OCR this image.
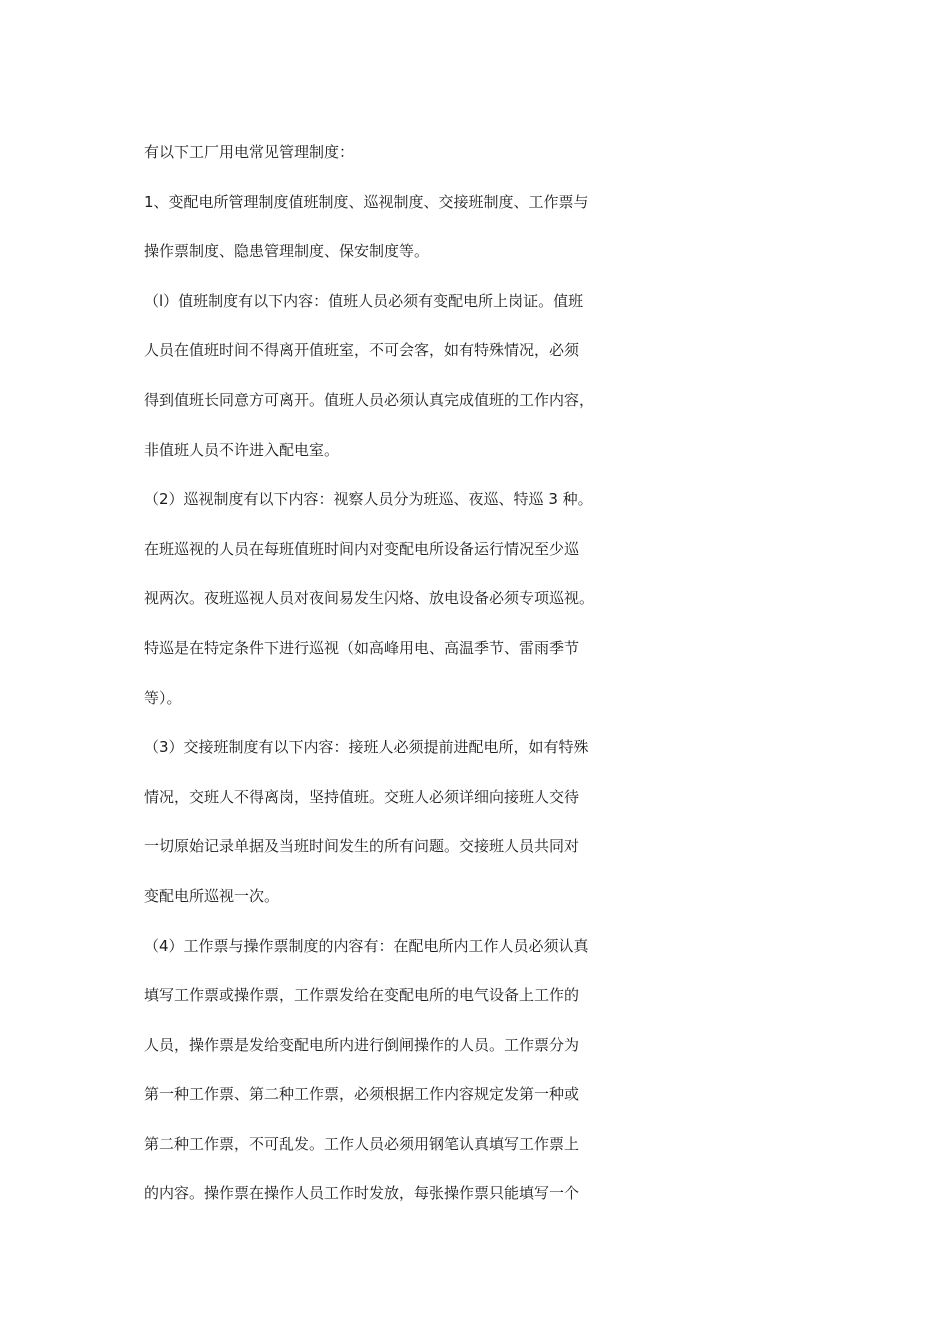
有以下工厂用电常见管理制度：
1、变配电所管理制度值班制度、巡视制度、交接班制度、工作票与
操作票制度、隐患管理制度、保安制度等。
（l）值班制度有以下内容：值班人员必须有变配电所上岗证。值班
人员在值班时间不得离开值班室，不可会客，如有特殊情况，必须
得到值班长同意方可离开。值班人员必须认真完成值班的工作内容，
非值班人员不许进入配电室。
（2）巡视制度有以下内容：视察人员分为班巡、夜巡、特巡 3 种。
在班巡视的人员在每班值班时间内对变配电所设备运行情况至少巡
视两次。夜班巡视人员对夜间易发生闪烙、放电设备必须专项巡视。
特巡是在特定条件下进行巡视（如高峰用电、高温季节、雷雨季节
等）。
（3）交接班制度有以下内容：接班人必须提前进配电所，如有特殊
情况，交班人不得离岗，坚持值班。交班人必须详细向接班人交待
一切原始记录单据及当班时间发生的所有问题。交接班人员共同对
变配电所巡视一次。
（4）工作票与操作票制度的内容有：在配电所内工作人员必须认真
填写工作票或操作票，工作票发给在变配电所的电气设备上工作的
人员，操作票是发给变配电所内进行倒闸操作的人员。工作票分为
第一种工作票、第二种工作票，必须根据工作内容规定发第一种或
第二种工作票，不可乱发。工作人员必须用钢笔认真填写工作票上
的内容。操作票在操作人员工作时发放，每张操作票只能填写一个
